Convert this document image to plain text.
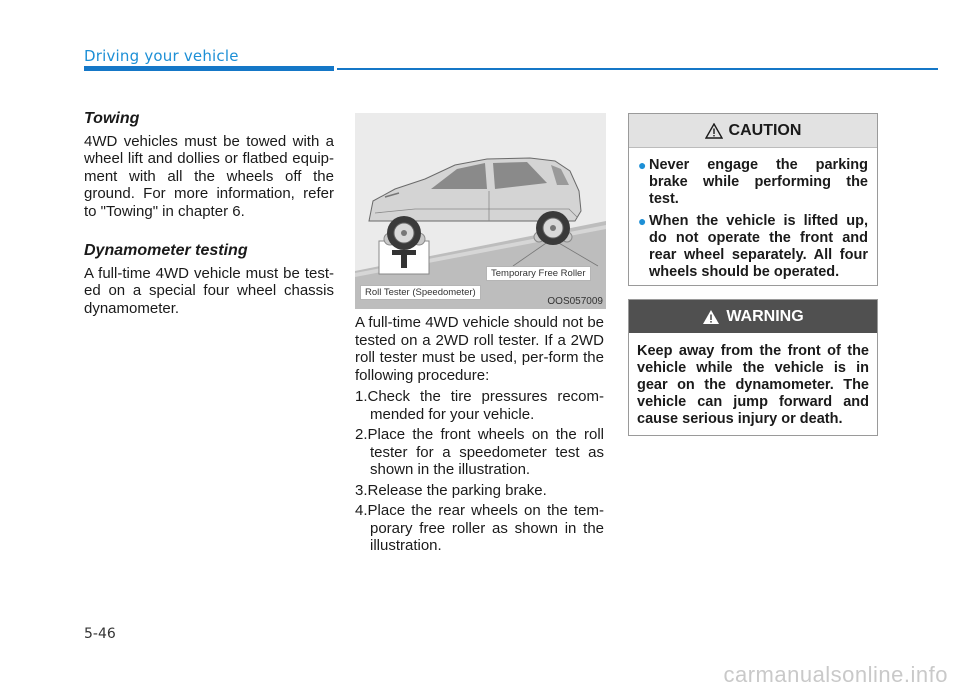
Driving your vehicle
Towing

4WD vehicles must be towed with a wheel lift and dollies or flatbed equip-ment with all the wheels off the ground. For more information, refer to "Towing" in chapter 6.

Dynamometer testing

A full-time 4WD vehicle must be test-ed on a special four wheel chassis dynamometer.

Temporary Free Roller
Roll Tester (Speedometer)
OOS057009

A full-time 4WD vehicle should not be tested on a 2WD roll tester. If a 2WD roll tester must be used, per-form the following procedure:

1.Check the tire pressures recom-mended for your vehicle.
2.Place the front wheels on the roll tester for a speedometer test as shown in the illustration.
3.Release the parking brake.
4.Place the rear wheels on the tem-porary free roller as shown in the illustration.
CAUTION
● Never engage the parking brake while performing the test.
● When the vehicle is lifted up, do not operate the front and rear wheel separately. All four wheels should be operated.
WARNING
Keep away from the front of the vehicle while the vehicle is in gear on the dynamometer. The vehicle can jump forward and cause serious injury or death.
5-46
carmanualsonline.info
